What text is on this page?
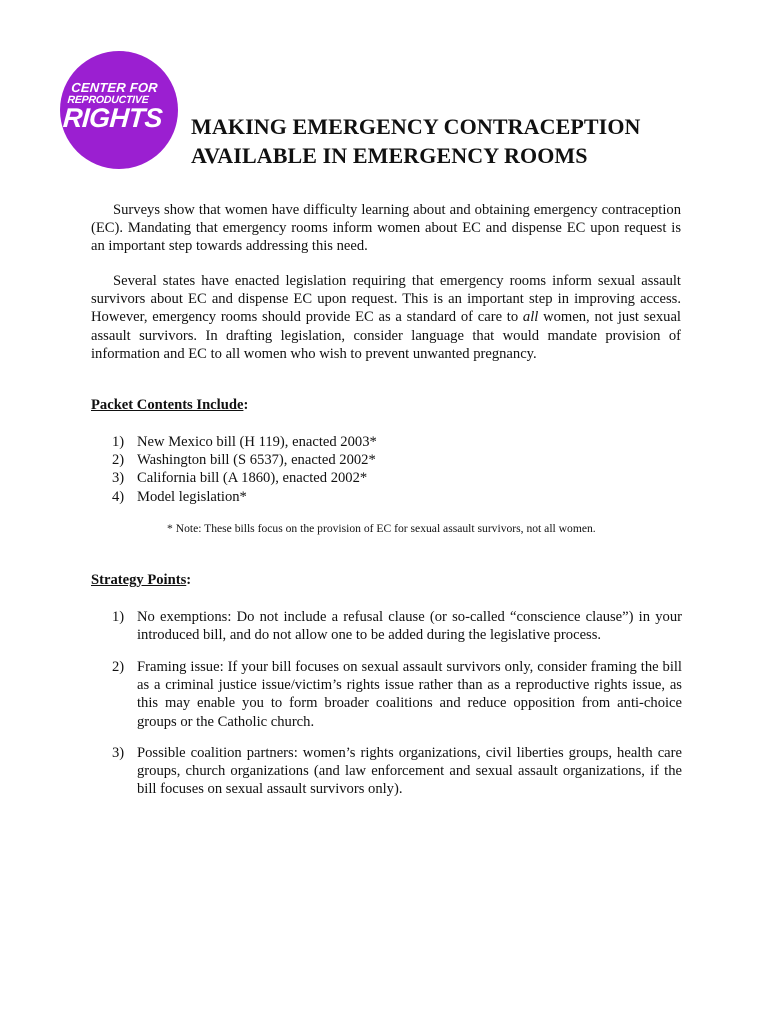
CENTER FOR
REPRODUCTIVE
RIGHTS	MAKING EMERGENCY CONTRACEPTION
AVAILABLE IN EMERGENCY ROOMS

Surveys show that women have difficulty learning about and obtaining emergency contraception (EC). Mandating that emergency rooms inform women about EC and dispense EC upon request is an important step towards addressing this need.

Several states have enacted legislation requiring that emergency rooms inform sexual assault survivors about EC and dispense EC upon request. This is an important step in improving access. However, emergency rooms should provide EC as a standard of care to all women, not just sexual assault survivors. In drafting legislation, consider language that would mandate provision of information and EC to all women who wish to prevent unwanted pregnancy.

Packet Contents Include:

1) New Mexico bill (H 119), enacted 2003*
2) Washington bill (S 6537), enacted 2002*
3) California bill (A 1860), enacted 2002*
4) Model legislation*

* Note: These bills focus on the provision of EC for sexual assault survivors, not all women.

Strategy Points:

1) No exemptions: Do not include a refusal clause (or so-called “conscience clause”) in your introduced bill, and do not allow one to be added during the legislative process.
2) Framing issue: If your bill focuses on sexual assault survivors only, consider framing the bill as a criminal justice issue/victim’s rights issue rather than as a reproductive rights issue, as this may enable you to form broader coalitions and reduce opposition from anti-choice groups or the Catholic church.
3) Possible coalition partners: women’s rights organizations, civil liberties groups, health care groups, church organizations (and law enforcement and sexual assault organizations, if the bill focuses on sexual assault survivors only).
